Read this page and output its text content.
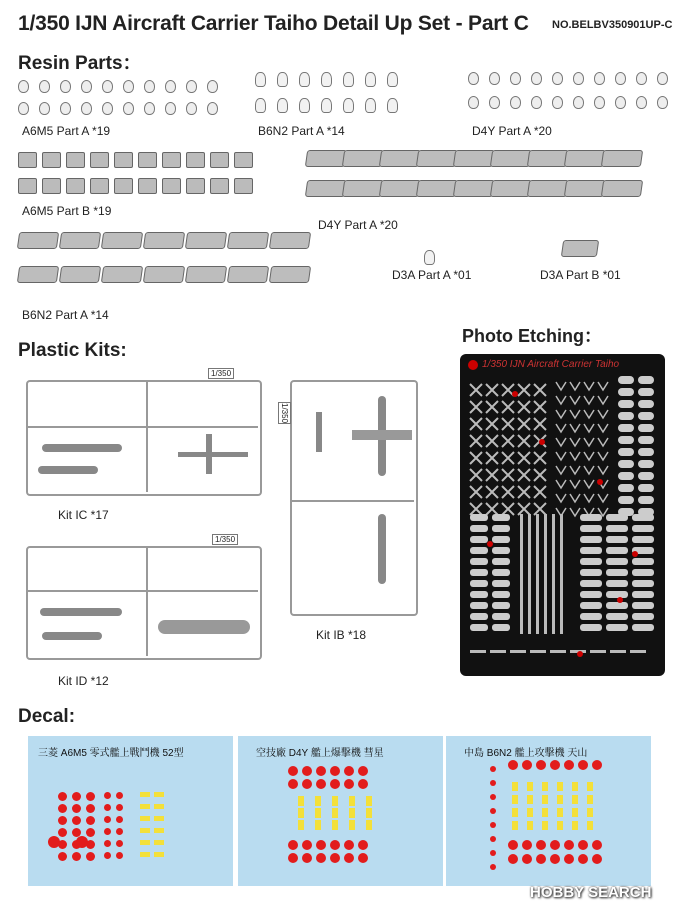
1/350 IJN Aircraft Carrier Taiho Detail Up Set - Part C NO.BELBV350901UP-C
Resin Parts：
A6M5 Part A *19	B6N2 Part A *14	D4Y Part A *20
A6M5 Part B *19
D4Y Part A *20
B6N2 Part A *14
D3A Part A *01	D3A Part B *01
Plastic Kits:
1/350
Kit IC *17
1/350
Kit ID *12
1/350
Kit IB *18
Photo Etching：
1/350 IJN Aircraft Carrier Taiho
Decal:
三菱 A6M5 零式艦上戰鬥機 52型	空技廠 D4Y 艦上爆擊機 彗星	中島 B6N2 艦上攻擊機 天山
HOBBY SEARCH
